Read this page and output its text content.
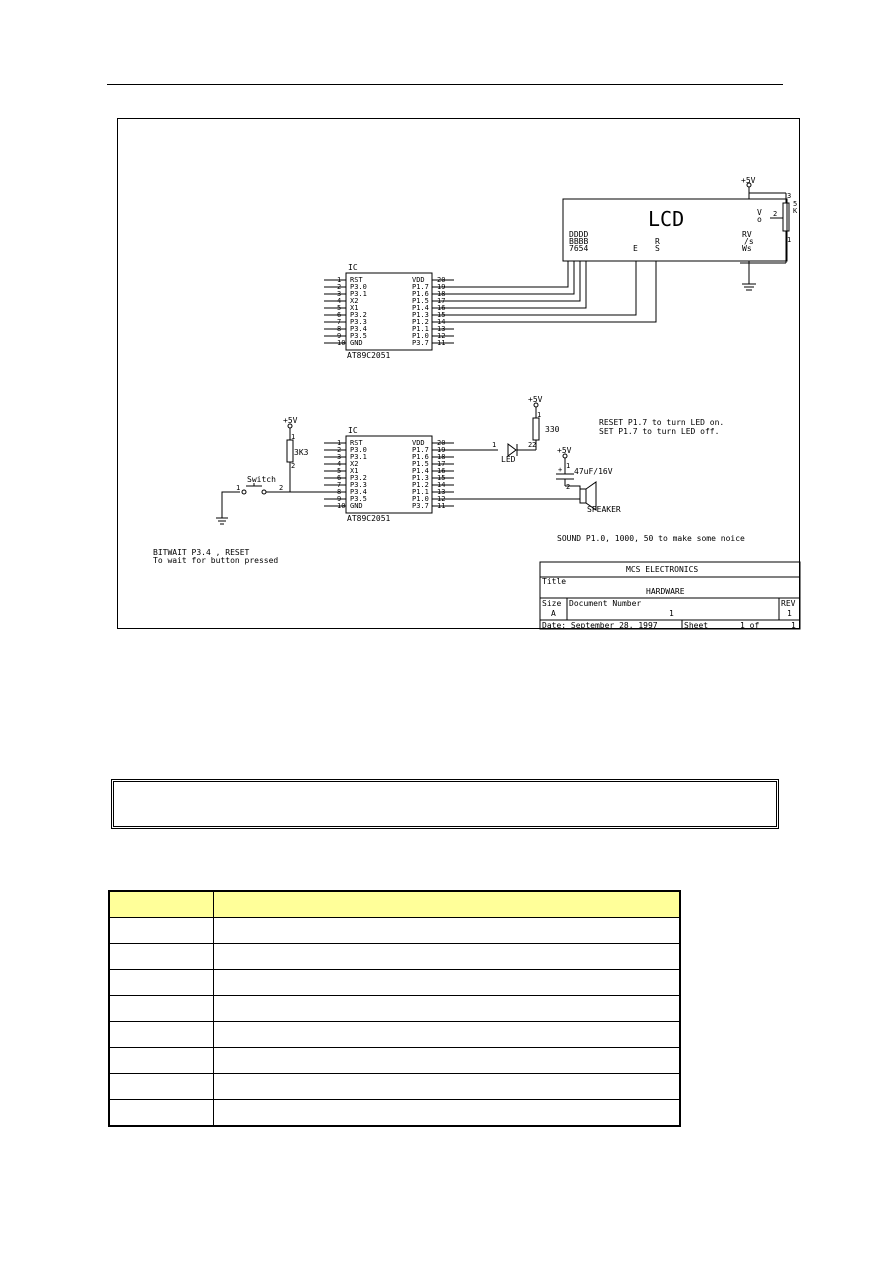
LCD
DDDD
BBBB
7654	E
R
S
V
o
RV
/s
Ws
+5V
3
2
1
5
K
IC
AT89C2051
1 RST	VDD 20
2 P3.0	P1.7 19
3 P3.1	P1.6 18
4 X2	P1.5 17
5 X1	P1.4 16
6 P3.2	P1.3 15
7 P3.3	P1.2 14
8 P3.4	P1.1 13
9 P3.5	P1.0 12
10 GND	P3.7 11
IC
AT89C2051
1 RST	VDD 20
2 P3.0	P1.7 19
3 P3.1	P1.6 18
4 X2	P1.5 17
5 X1	P1.4 16
6 P3.2	P1.3 15
7 P3.3	P1.2 14
8 P3.4	P1.1 13
9 P3.5	P1.0 12
10 GND	P3.7 11
+5V
3K3
1
2
Switch
1	2
LED
1	2
+5V
330
1
2
+5V
47uF/16V
1
2
+
SPEAKER
RESET P1.7 to turn LED on.
SET P1.7 to turn LED off.
SOUND P1.0, 1000, 50 to make some noice
BITWAIT P3.4 , RESET
To wait for button pressed
MCS ELECTRONICS
Title
HARDWARE
Size
A
Document Number
1
REV
1
Date: September 28, 1997	Sheet	1 of	1
